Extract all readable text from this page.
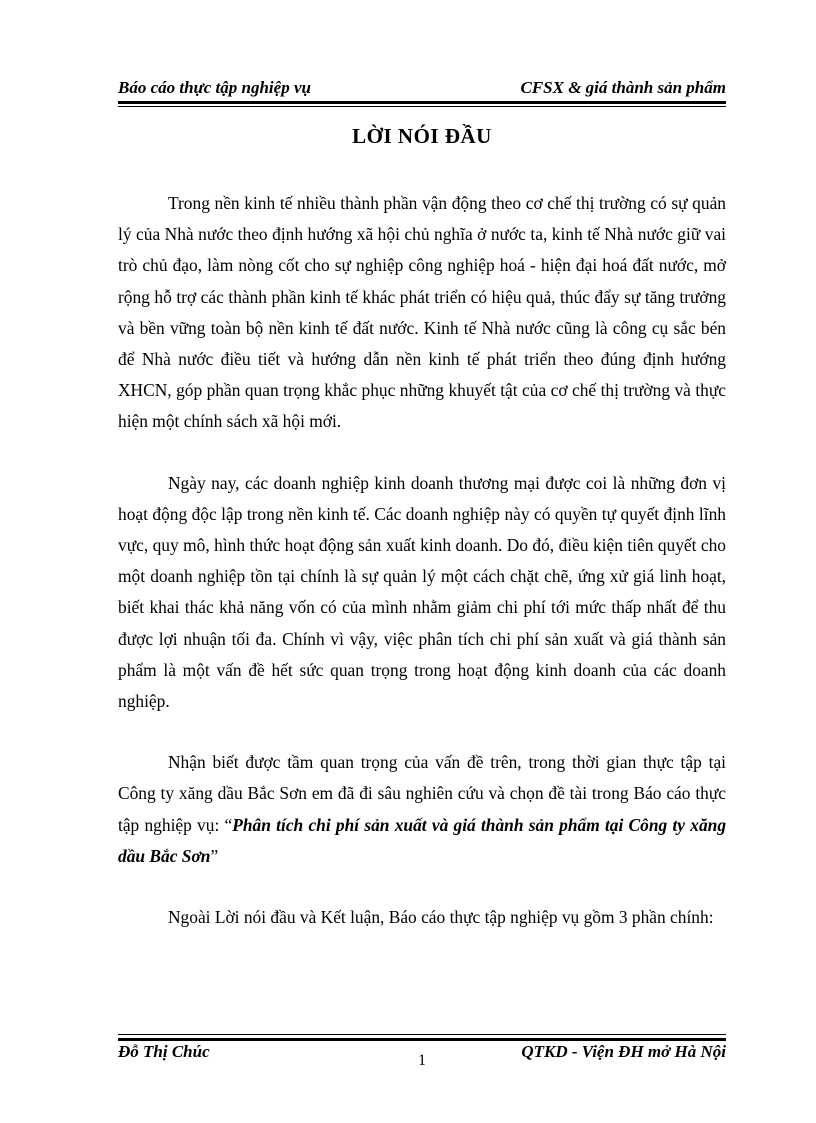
Báo cáo thực tập nghiệp vụ	CFSX & giá thành sản phẩm
LỜI NÓI ĐẦU

Trong nền kinh tế nhiều thành phần vận động theo cơ chế thị trường có sự quản lý của Nhà nước theo định hướng xã hội chủ nghĩa ở nước ta, kinh tế Nhà nước giữ vai trò chủ đạo, làm nòng cốt cho sự nghiệp công nghiệp hoá - hiện đại hoá đất nước, mở rộng hỗ trợ các thành phần kinh tế khác phát triển có hiệu quả, thúc đẩy sự tăng trưởng và bền vững toàn bộ nền kinh tế đất nước. Kinh tế Nhà nước cũng là công cụ sắc bén để Nhà nước điều tiết và hướng dẫn nền kinh tế phát triển theo đúng định hướng XHCN, góp phần quan trọng khắc phục những khuyết tật của cơ chế thị trường và thực hiện một chính sách xã hội mới.

Ngày nay, các doanh nghiệp kinh doanh thương mại được coi là những đơn vị hoạt động độc lập trong nền kinh tế. Các doanh nghiệp này có quyền tự quyết định lĩnh vực, quy mô, hình thức hoạt động sản xuất kinh doanh. Do đó, điều kiện tiên quyết cho một doanh nghiệp tồn tại chính là sự quản lý một cách chặt chẽ, ứng xử giá linh hoạt, biết khai thác khả năng vốn có của mình nhằm giảm chi phí tới mức thấp nhất để thu được lợi nhuận tối đa. Chính vì vậy, việc phân tích chi phí sản xuất và giá thành sản phẩm là một vấn đề hết sức quan trọng trong hoạt động kinh doanh của các doanh nghiệp.

Nhận biết được tầm quan trọng của vấn đề trên, trong thời gian thực tập tại Công ty xăng dầu Bắc Sơn em đã đi sâu nghiên cứu và chọn đề tài trong Báo cáo thực tập nghiệp vụ: “Phân tích chi phí sản xuất và giá thành sản phẩm tại Công ty xăng dầu Bắc Sơn”

Ngoài Lời nói đầu và Kết luận, Báo cáo thực tập nghiệp vụ gồm 3 phần chính:

Đỗ Thị Chúc	1	QTKD - Viện ĐH mở Hà Nội
